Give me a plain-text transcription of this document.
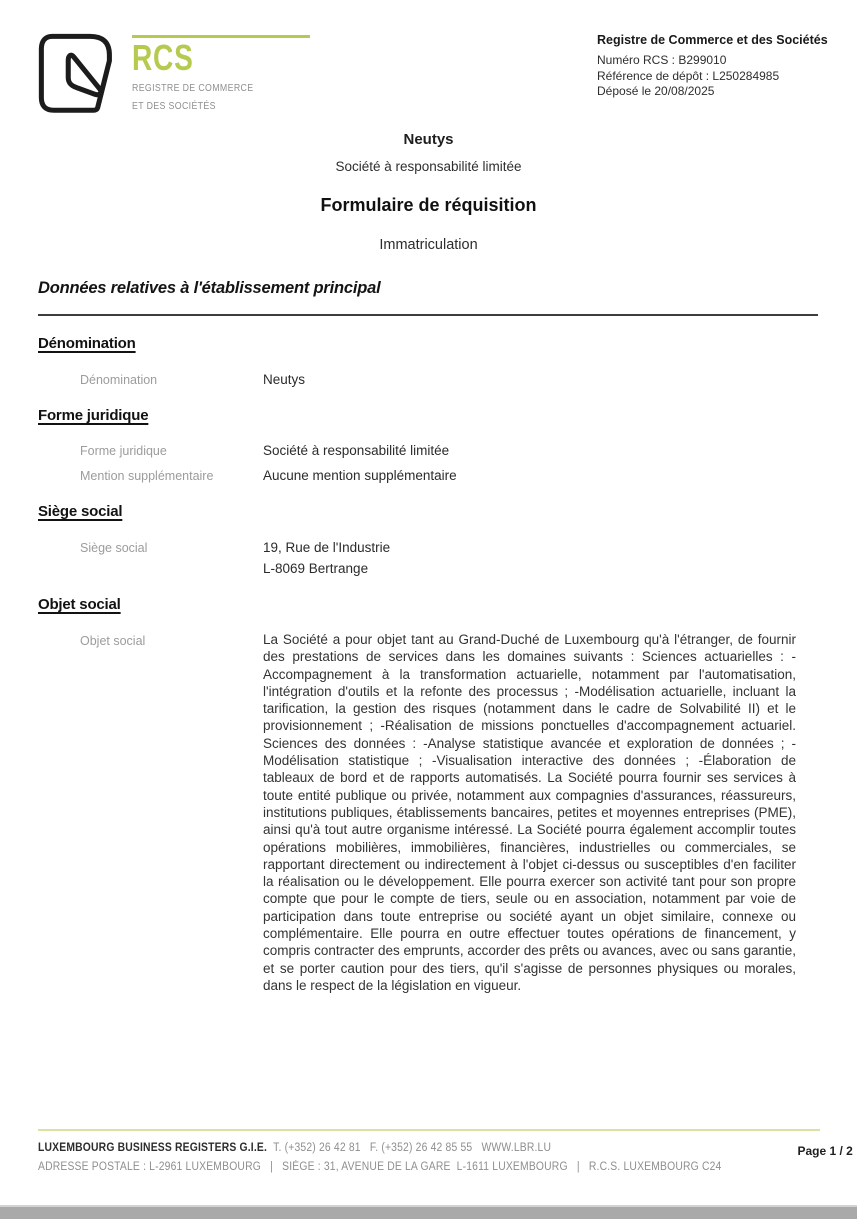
RCS
REGISTRE DE COMMERCE
ET DES SOCIÉTÉS
Registre de Commerce et des Sociétés
Numéro RCS : B299010
Référence de dépôt : L250284985
Déposé le 20/08/2025
Neutys
Société à responsabilité limitée
Formulaire de réquisition
Immatriculation
Données relatives à l'établissement principal
Dénomination
Dénomination	Neutys
Forme juridique
Forme juridique	Société à responsabilité limitée
Mention supplémentaire	Aucune mention supplémentaire
Siège social
Siège social	19, Rue de l'Industrie
L-8069 Bertrange
Objet social
Objet social	La Société a pour objet tant au Grand-Duché de Luxembourg qu'à l'étranger, de fournir des prestations de services dans les domaines suivants : Sciences actuarielles : -Accompagnement à la transformation actuarielle, notamment par l'automatisation, l'intégration d'outils et la refonte des processus ; -Modélisation actuarielle, incluant la tarification, la gestion des risques (notamment dans le cadre de Solvabilité II) et le provisionnement ; -Réalisation de missions ponctuelles d'accompagnement actuariel. Sciences des données : -Analyse statistique avancée et exploration de données ; -Modélisation statistique ; -Visualisation interactive des données ; -Élaboration de tableaux de bord et de rapports automatisés. La Société pourra fournir ses services à toute entité publique ou privée, notamment aux compagnies d'assurances, réassureurs, institutions publiques, établissements bancaires, petites et moyennes entreprises (PME), ainsi qu'à tout autre organisme intéressé. La Société pourra également accomplir toutes opérations mobilières, immobilières, financières, industrielles ou commerciales, se rapportant directement ou indirectement à l'objet ci-dessus ou susceptibles d'en faciliter la réalisation ou le développement. Elle pourra exercer son activité tant pour son propre compte que pour le compte de tiers, seule ou en association, notamment par voie de participation dans toute entreprise ou société ayant un objet similaire, connexe ou complémentaire. Elle pourra en outre effectuer toutes opérations de financement, y compris contracter des emprunts, accorder des prêts ou avances, avec ou sans garantie, et se porter caution pour des tiers, qu'il s'agisse de personnes physiques ou morales, dans le respect de la législation en vigueur.
LUXEMBOURG BUSINESS REGISTERS G.I.E. T. (+352) 26 42 81   F. (+352) 26 42 85 55   WWW.LBR.LU
ADRESSE POSTALE : L-2961 LUXEMBOURG   |   SIÈGE : 31, AVENUE DE LA GARE  L-1611 LUXEMBOURG   |   R.C.S. LUXEMBOURG C24
Page 1 / 2
